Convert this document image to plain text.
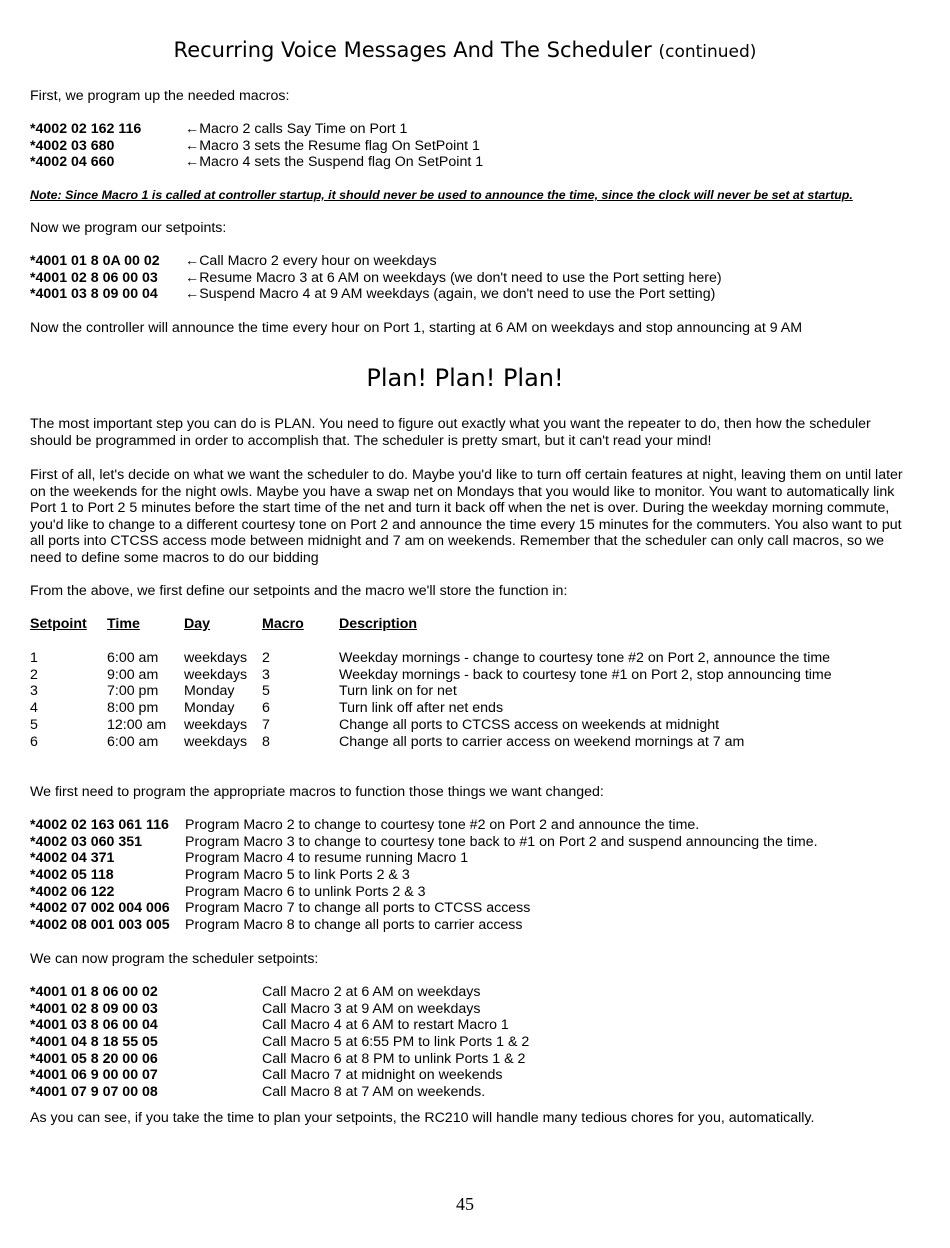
Recurring Voice Messages And The Scheduler (continued)
First, we program up the needed macros:
*4002 02 162 116	←Macro 2 calls Say Time on Port 1
*4002 03 680	←Macro 3 sets the Resume flag On SetPoint 1
*4002 04 660	←Macro 4 sets the Suspend flag On SetPoint 1
Note: Since Macro 1 is called at controller startup, it should never be used to announce the time, since the clock will never be set at startup.
Now we program our setpoints:
*4001 01 8 0A 00 02 ←Call Macro 2 every hour on weekdays
*4001 02 8 06 00 03 ←Resume Macro 3 at 6 AM on weekdays (we don't need to use the Port setting here)
*4001 03 8 09 00 04 ←Suspend Macro 4 at 9 AM weekdays (again, we don't need to use the Port setting)
Now the controller will announce the time every hour on Port 1, starting at 6 AM on weekdays and stop announcing at 9 AM
Plan! Plan! Plan!
The most important step you can do is PLAN. You need to figure out exactly what you want the repeater to do, then how the scheduler should be programmed in order to accomplish that. The scheduler is pretty smart, but it can't read your mind!
First of all, let's decide on what we want the scheduler to do. Maybe you'd like to turn off certain features at night, leaving them on until later on the weekends for the night owls. Maybe you have a swap net on Mondays that you would like to monitor. You want to automatically link Port 1 to Port 2 5 minutes before the start time of the net and turn it back off when the net is over. During the weekday morning commute, you'd like to change to a different courtesy tone on Port 2 and announce the time every 15 minutes for the commuters. You also want to put all ports into CTCSS access mode between midnight and 7 am on weekends. Remember that the scheduler can only call macros, so we need to define some macros to do our bidding
From the above, we first define our setpoints and the macro we'll store the function in:
Setpoint Time	Day	Macro Description
1	6:00 am weekdays 2	Weekday mornings - change to courtesy tone #2 on Port 2, announce the time
2	9:00 am weekdays 3	Weekday mornings - back to courtesy tone #1 on Port 2, stop announcing time
3	7:00 pm Monday 5	Turn link on for net
4	8:00 pm Monday 6	Turn link off after net ends
5	12:00 am weekdays 7	Change all ports to CTCSS access on weekends at midnight
6	6:00 am weekdays 8	Change all ports to carrier access on weekend mornings at 7 am
We first need to program the appropriate macros to function those things we want changed:
*4002 02 163 061 116 Program Macro 2 to change to courtesy tone #2 on Port 2 and announce the time.
*4002 03 060 351	Program Macro 3 to change to courtesy tone back to #1 on Port 2 and suspend announcing the time.
*4002 04 371	Program Macro 4 to resume running Macro 1
*4002 05 118	Program Macro 5 to link Ports 2 & 3
*4002 06 122	Program Macro 6 to unlink Ports 2 & 3
*4002 07 002 004 006 Program Macro 7 to change all ports to CTCSS access
*4002 08 001 003 005 Program Macro 8 to change all ports to carrier access
We can now program the scheduler setpoints:
*4001 01 8 06 00 02	Call Macro 2 at 6 AM on weekdays
*4001 02 8 09 00 03	Call Macro 3 at 9 AM on weekdays
*4001 03 8 06 00 04	Call Macro 4 at 6 AM to restart Macro 1
*4001 04 8 18 55 05	Call Macro 5 at 6:55 PM to link Ports 1 & 2
*4001 05 8 20 00 06	Call Macro 6 at 8 PM to unlink Ports 1 & 2
*4001 06 9 00 00 07	Call Macro 7 at midnight on weekends
*4001 07 9 07 00 08	Call Macro 8 at 7 AM on weekends.
As you can see, if you take the time to plan your setpoints, the RC210 will handle many tedious chores for you, automatically.
45
